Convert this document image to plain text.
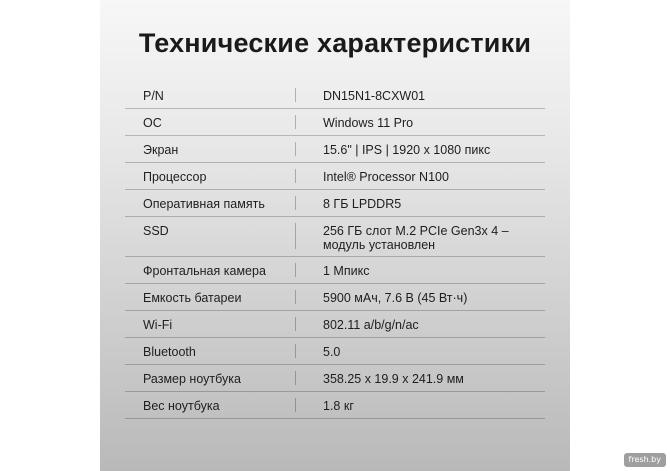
Технические характеристики
P/N	DN15N1-8CXW01
ОС	Windows 11 Pro
Экран	15.6" | IPS | 1920 x 1080 пикс
Процессор	Intel® Processor N100
Оперативная память	8 ГБ LPDDR5
SSD	256 ГБ слот M.2 PCIe Gen3x 4 – модуль установлен
Фронтальная камера	1 Мпикс
Емкость батареи	5900 мАч, 7.6 В (45 Вт·ч)
Wi-Fi	802.11 a/b/g/n/ac
Bluetooth	5.0
Размер ноутбука	358.25 x 19.9 x 241.9 мм
Вес ноутбука	1.8 кг
fresh.by
